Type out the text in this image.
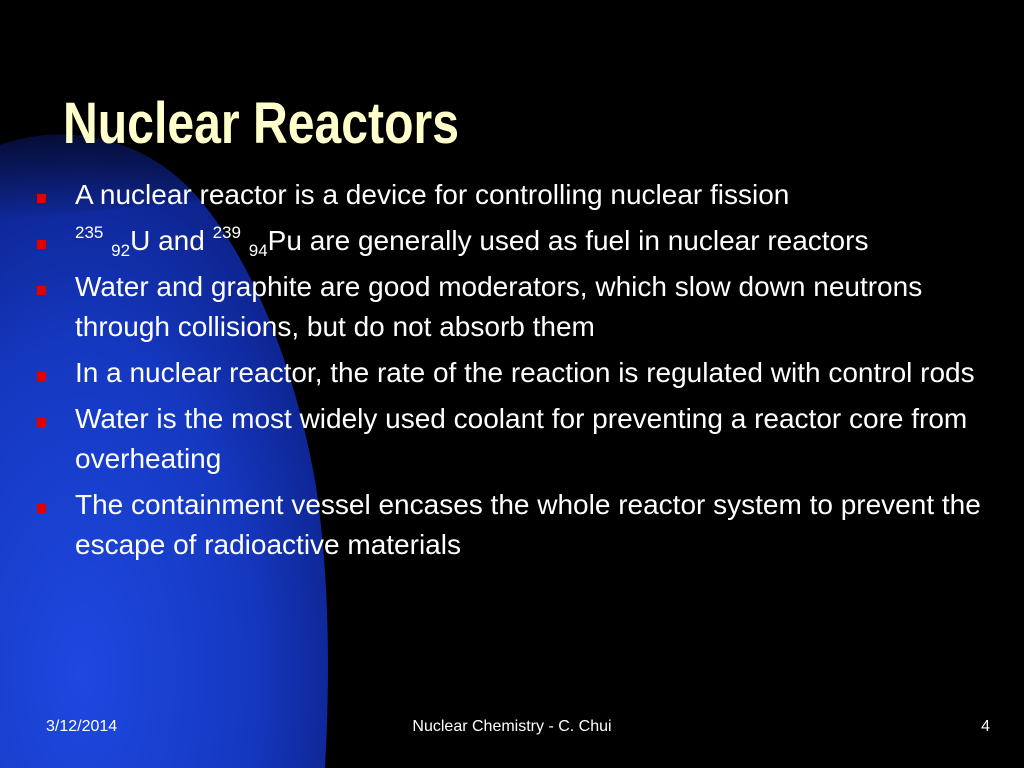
Nuclear Reactors
A nuclear reactor is a device for controlling nuclear fission
$^{235}$ $_{92}$U and $^{239}$ $_{94}$Pu are generally used as fuel in nuclear reactors
Water and graphite are good moderators, which slow down neutrons through collisions, but do not absorb them
In a nuclear reactor, the rate of the reaction is regulated with control rods
Water is the most widely used coolant for preventing a reactor core from overheating
The containment vessel encases the whole reactor system to prevent the escape of radioactive materials
3/12/2014	Nuclear Chemistry - C. Chui	4
